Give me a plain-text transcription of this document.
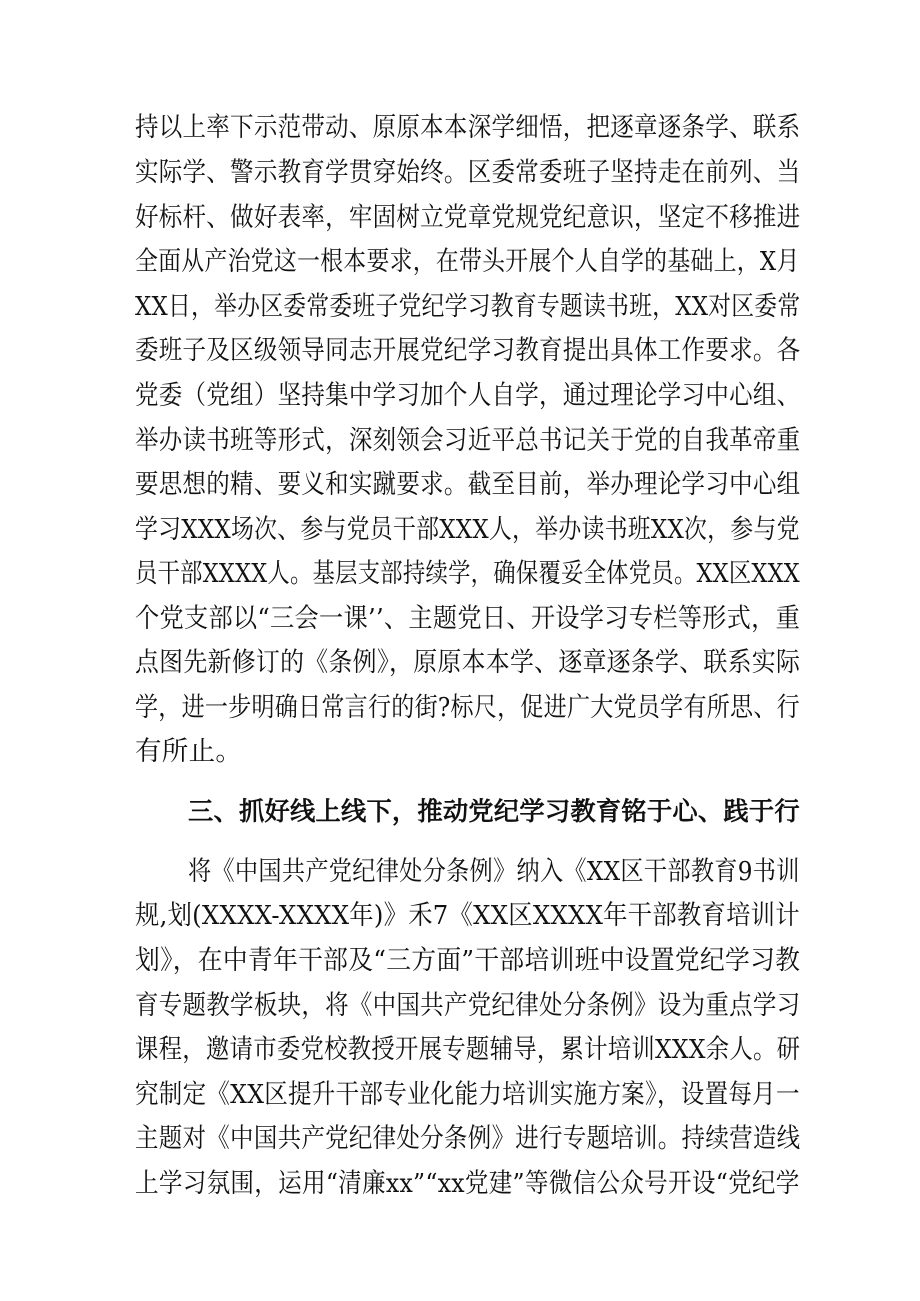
持以上率下示范带动、原原本本深学细悟，把逐章逐条学、联系
实际学、警示教育学贯穿始终。区委常委班子坚持走在前列、当
好标杆、做好表率，牢固树立党章党规党纪意识，坚定不移推进
全面从产治党这一根本要求，在带头开展个人自学的基础上，X月
XX日，举办区委常委班子党纪学习教育专题读书班，XX对区委常
委班子及区级领导同志开展党纪学习教育提出具体工作要求。各
党委（党组）坚持集中学习加个人自学，通过理论学习中心组、
举办读书班等形式，深刻领会习近平总书记关于党的自我革帝重
要思想的精、要义和实蹴要求。截至目前，举办理论学习中心组
学习XXX场次、参与党员干部XXX人，举办读书班XX次，参与党
员干部XXXX人。基层支部持续学，确保覆妥全体党员。XX区XXX
个党支部以“三会一课’’、主题党日、开设学习专栏等形式，重
点图先新修订的《条例》，原原本本学、逐章逐条学、联系实际
学，进一步明确日常言行的街?标尺，促进广大党员学有所思、行
有所止。
三、抓好线上线下，推动党纪学习教育铭于心、践于行
将《中国共产党纪律处分条例》纳入《XX区干部教育9书训
规,划(XXXX-XXXX年)》禾7《XX区XXXX年干部教育培训计
划》，在中青年干部及“三方面”干部培训班中设置党纪学习教
育专题教学板块，将《中国共产党纪律处分条例》设为重点学习
课程，邀请市委党校教授开展专题辅导，累计培训XXX余人。研
究制定《XX区提升干部专业化能力培训实施方案》，设置每月一
主题对《中国共产党纪律处分条例》进行专题培训。持续营造线
上学习氛围，运用“清廉xx”“xx党建”等微信公众号开设“党纪学
